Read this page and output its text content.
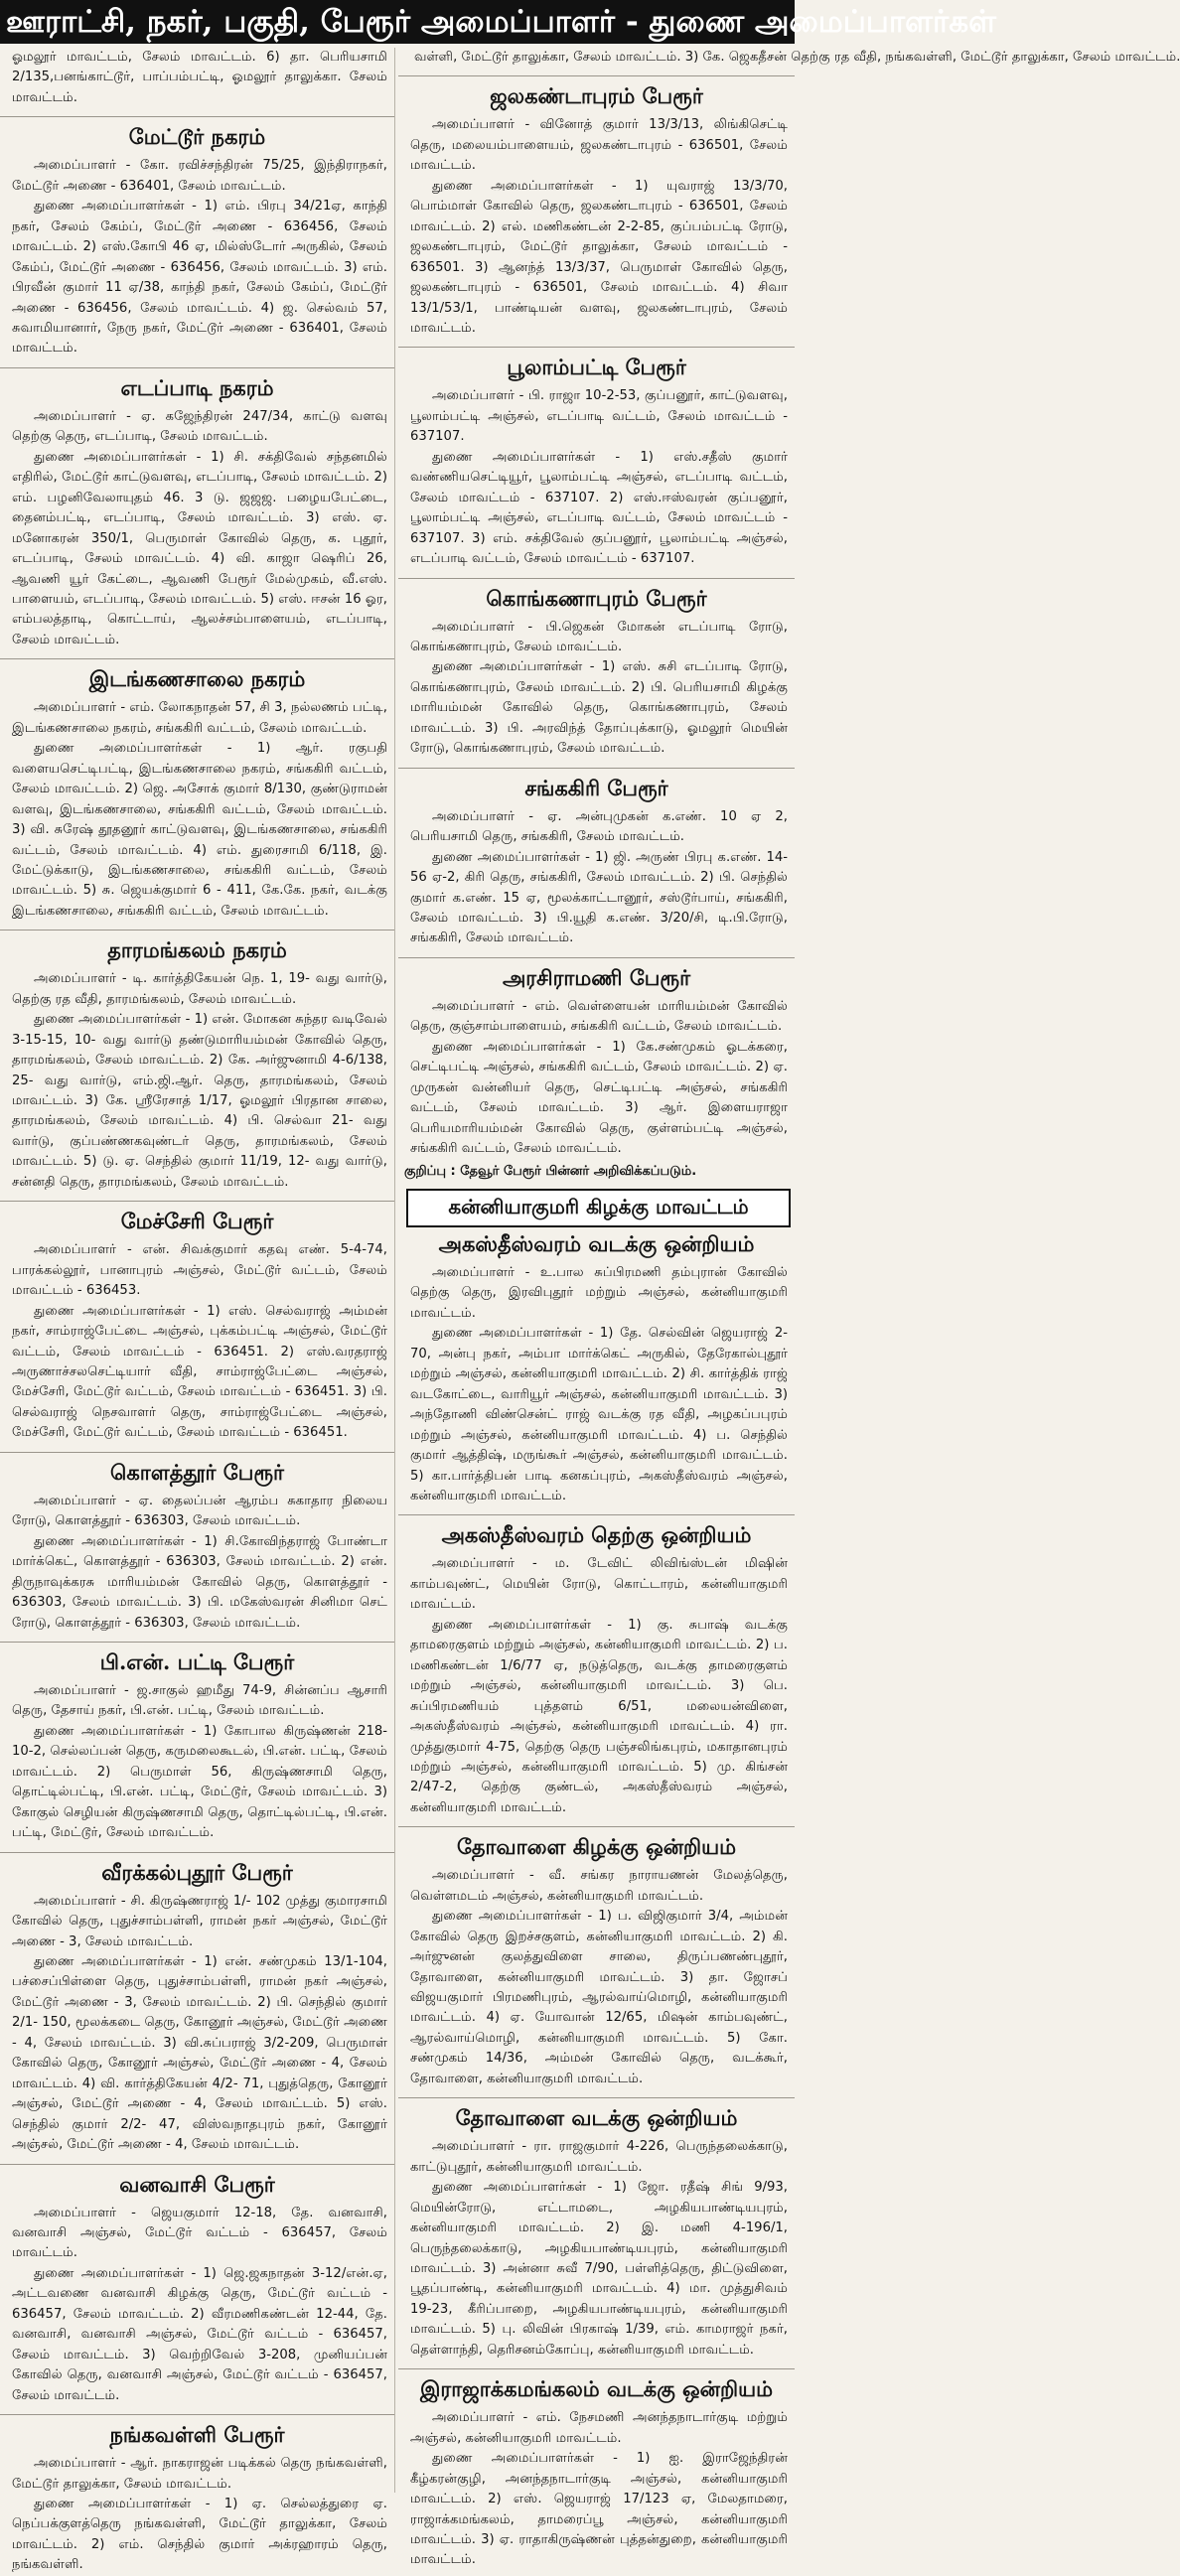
ஊராட்சி, நகர், பகுதி, பேரூர் அமைப்பாளர் - துணை அமைப்பாளர்கள்

ஓமலூர் மாவட்டம், சேலம் மாவட்டம். 6) தா. பெரியசாமி 2/135,பனங்காட்டூர், பாப்பம்பட்டி, ஓமலூர் தாலுக்கா. சேலம் மாவட்டம்.

மேட்டூர் நகரம்

அமைப்பாளர் - கோ. ரவிச்சந்திரன் 75/25, இந்திராநகர், மேட்டூர் அணை - 636401, சேலம் மாவட்டம்.

துணை அமைப்பாளர்கள் - 1) எம். பிரபு 34/21ஏ, காந்தி நகர், சேலம் கேம்ப், மேட்டூர் அணை - 636456, சேலம் மாவட்டம். 2) எஸ்.கோபி 46 ஏ, மில்ஸ்டோர் அருகில், சேலம் கேம்ப், மேட்டூர் அணை - 636456, சேலம் மாவட்டம். 3) எம். பிரவீன் குமார் 11 ஏ/38, காந்தி நகர், சேலம் கேம்ப், மேட்டூர் அணை - 636456, சேலம் மாவட்டம். 4) ஜ. செல்வம் 57, சுவாமியானார், நேரு நகர், மேட்டூர் அணை - 636401, சேலம் மாவட்டம்.

எடப்பாடி நகரம்

அமைப்பாளர் - ஏ. கஜேந்திரன் 247/34, காட்டு வளவு தெற்கு தெரு, எடப்பாடி, சேலம் மாவட்டம்.

துணை அமைப்பாளர்கள் - 1) சி. சக்திவேல் சந்தனமில் எதிரில், மேட்டூர் காட்டுவளவு, எடப்பாடி, சேலம் மாவட்டம். 2) எம். பழனிவேலாயுதம் 46. 3 டு. ஜஜஜ. பழையபேட்டை, தைனம்பட்டி, எடப்பாடி, சேலம் மாவட்டம். 3) எஸ். ஏ. மனோகரன் 350/1, பெருமாள் கோவில் தெரு, க. புதூர், எடப்பாடி, சேலம் மாவட்டம். 4) வி. காஜா ஷெரிப் 26, ஆவணி யூர் கேட்டை, ஆவணி பேரூர் மேல்முகம், வீ.எஸ். பாளையம், எடப்பாடி, சேலம் மாவட்டம். 5) எஸ். ஈசன் 16 ஓர, எம்பலத்தாடி, கொட்டாய், ஆலச்சம்பாளையம், எடப்பாடி, சேலம் மாவட்டம்.

இடங்கணசாலை நகரம்

அமைப்பாளர் - எம். லோகநாதன் 57, சி 3, நல்லணம் பட்டி, இடங்கணசாலை நகரம், சங்ககிரி வட்டம், சேலம் மாவட்டம்.

துணை அமைப்பாளர்கள் - 1) ஆர். ரகுபதி வளையசெட்டிபட்டி, இடங்கணசாலை நகரம், சங்ககிரி வட்டம், சேலம் மாவட்டம். 2) ஜெ. அசோக் குமார் 8/130, குண்டுராமன் வளவு, இடங்கணசாலை, சங்ககிரி வட்டம், சேலம் மாவட்டம். 3) வி. சுரேஷ் தூதனூர் காட்டுவளவு, இடங்கணசாலை, சங்ககிரி வட்டம், சேலம் மாவட்டம். 4) எம். துரைசாமி 6/118, இ. மேட்டுக்காடு, இடங்கணசாலை, சங்ககிரி வட்டம், சேலம் மாவட்டம். 5) சு. ஜெயக்குமார் 6 - 411, கே.கே. நகர், வடக்கு இடங்கணசாலை, சங்ககிரி வட்டம், சேலம் மாவட்டம்.

தாரமங்கலம் நகரம்

அமைப்பாளர் - டி. கார்த்திகேயன் நெ. 1, 19- வது வார்டு, தெற்கு ரத வீதி, தாரமங்கலம், சேலம் மாவட்டம்.

துணை அமைப்பாளர்கள் - 1) என். மோகன சுந்தர வடிவேல் 3-15-15, 10- வது வார்டு தண்டுமாரியம்மன் கோவில் தெரு, தாரமங்கலம், சேலம் மாவட்டம். 2) கே. அர்ஜுனாமி 4-6/138, 25- வது வார்டு, எம்.ஜி.ஆர். தெரு, தாரமங்கலம், சேலம் மாவட்டம். 3) கே. ஸ்ரீரேசாத் 1/17, ஓமலூர் பிரதான சாலை, தாரமங்கலம், சேலம் மாவட்டம். 4) பி. செல்வா 21- வது வார்டு, குப்பண்ணகவுண்டர் தெரு, தாரமங்கலம், சேலம் மாவட்டம். 5) டு. ஏ. செந்தில் குமார் 11/19, 12- வது வார்டு, சன்னதி தெரு, தாரமங்கலம், சேலம் மாவட்டம்.

மேச்சேரி பேரூர்

அமைப்பாளர் - என். சிவக்குமார் கதவு எண். 5-4-74, பாரக்கல்லூர், பானாபுரம் அஞ்சல், மேட்டூர் வட்டம், சேலம் மாவட்டம் - 636453.

துணை அமைப்பாளர்கள் - 1) எஸ். செல்வராஜ் அம்மன் நகர், சாம்ராஜ்பேட்டை அஞ்சல், புக்கம்பட்டி அஞ்சல், மேட்டூர் வட்டம், சேலம் மாவட்டம் - 636451. 2) எஸ்.வரதராஜ் அருணாச்சலசெட்டியார் வீதி, சாம்ராஜ்பேட்டை அஞ்சல், மேச்சேரி, மேட்டூர் வட்டம், சேலம் மாவட்டம் - 636451. 3) பி. செல்வராஜ் நெசவாளர் தெரு, சாம்ராஜ்பேட்டை அஞ்சல், மேச்சேரி, மேட்டூர் வட்டம், சேலம் மாவட்டம் - 636451.

கொளத்தூர் பேரூர்

அமைப்பாளர் - ஏ. தைலப்பன் ஆரம்ப சுகாதார நிலைய ரோடு, கொளத்தூர் - 636303, சேலம் மாவட்டம்.

துணை அமைப்பாளர்கள் - 1) சி.கோவிந்தராஜ் போண்டா மார்க்கெட், கொளத்தூர் - 636303, சேலம் மாவட்டம். 2) என். திருநாவுக்கரசு மாரியம்மன் கோவில் தெரு, கொளத்தூர் - 636303, சேலம் மாவட்டம். 3) பி. மகேஸ்வரன் சினிமா செட் ரோடு, கொளத்தூர் - 636303, சேலம் மாவட்டம்.

பி.என். பட்டி பேரூர்

அமைப்பாளர் - ஜ.சாகுல் ஹமீது 74-9, சின்னப்ப ஆசாரி தெரு, தேசாய் நகர், பி.என். பட்டி, சேலம் மாவட்டம்.

துணை அமைப்பாளர்கள் - 1) கோபால கிருஷ்ணன் 218-10-2, செல்லப்பன் தெரு, கருமலைகூடல், பி.என். பட்டி, சேலம் மாவட்டம். 2) பெருமாள் 56, கிருஷ்ணசாமி தெரு, தொட்டில்பட்டி, பி.என். பட்டி, மேட்டூர், சேலம் மாவட்டம். 3) கோகுல் செழியன் கிருஷ்ணசாமி தெரு, தொட்டில்பட்டி, பி.என். பட்டி, மேட்டூர், சேலம் மாவட்டம்.

வீரக்கல்புதூர் பேரூர்

அமைப்பாளர் - சி. கிருஷ்ணராஜ் 1/- 102 முத்து குமாரசாமி கோவில் தெரு, புதுச்சாம்பள்ளி, ராமன் நகர் அஞ்சல், மேட்டூர் அணை - 3, சேலம் மாவட்டம்.

துணை அமைப்பாளர்கள் - 1) என். சண்முகம் 13/1-104, பச்சைப்பிள்ளை தெரு, புதுச்சாம்பள்ளி, ராமன் நகர் அஞ்சல், மேட்டூர் அணை - 3, சேலம் மாவட்டம். 2) பி. செந்தில் குமார் 2/1- 150, மூலக்கடை தெரு, கோனூர் அஞ்சல், மேட்டூர் அணை - 4, சேலம் மாவட்டம். 3) வி.சுப்பராஜ் 3/2-209, பெருமாள் கோவில் தெரு, கோனூர் அஞ்சல், மேட்டூர் அணை - 4, சேலம் மாவட்டம். 4) வி. கார்த்திகேயன் 4/2- 71, புதுத்தெரு, கோனூர் அஞ்சல், மேட்டூர் அணை - 4, சேலம் மாவட்டம். 5) எஸ். செந்தில் குமார் 2/2- 47, விஸ்வநாதபுரம் நகர், கோனூர் அஞ்சல், மேட்டூர் அணை - 4, சேலம் மாவட்டம்.

வனவாசி பேரூர்

அமைப்பாளர் - ஜெயகுமார் 12-18, தே. வனவாசி, வனவாசி அஞ்சல், மேட்டூர் வட்டம் - 636457, சேலம் மாவட்டம்.

துணை அமைப்பாளர்கள் - 1) ஜெ.ஜகநாதன் 3-12/என்.ஏ, அட்டவணை வனவாசி கிழக்கு தெரு, மேட்டூர் வட்டம் - 636457, சேலம் மாவட்டம். 2) வீரமணிகண்டன் 12-44, தே. வனவாசி, வனவாசி அஞ்சல், மேட்டூர் வட்டம் - 636457, சேலம் மாவட்டம். 3) வெற்றிவேல் 3-208, முனியப்பன் கோவில் தெரு, வனவாசி அஞ்சல், மேட்டூர் வட்டம் - 636457, சேலம் மாவட்டம்.

நங்கவள்ளி பேரூர்

அமைப்பாளர் - ஆர். நாகராஜன் படிக்கல் தெரு நங்கவள்ளி, மேட்டூர் தாலுக்கா, சேலம் மாவட்டம்.

துணை அமைப்பாளர்கள் - 1) ஏ. செல்லத்துரை ஏ. நெப்பக்குளத்தெரு நங்கவள்ளி, மேட்டூர் தாலுக்கா, சேலம் மாவட்டம். 2) எம். செந்தில் குமார் அக்ரஹாரம் தெரு, நங்கவள்ளி.

வள்ளி, மேட்டூர் தாலுக்கா, சேலம் மாவட்டம். 3) கே. ஜெகதீசன் தெற்கு ரத வீதி, நங்கவள்ளி, மேட்டூர் தாலுக்கா, சேலம் மாவட்டம்.

ஜலகண்டாபுரம் பேரூர்

அமைப்பாளர் - வினோத் குமார் 13/3/13, லிங்கிசெட்டி தெரு, மலையம்பாளையம், ஜலகண்டாபுரம் - 636501, சேலம் மாவட்டம்.

துணை அமைப்பாளர்கள் - 1) யுவராஜ் 13/3/70, பொம்மாள் கோவில் தெரு, ஜலகண்டாபுரம் - 636501, சேலம் மாவட்டம். 2) எல். மணிகண்டன் 2-2-85, குப்பம்பட்டி ரோடு, ஜலகண்டாபுரம், மேட்டூர் தாலுக்கா, சேலம் மாவட்டம் - 636501. 3) ஆனந்த் 13/3/37, பெருமாள் கோவில் தெரு, ஜலகண்டாபுரம் - 636501, சேலம் மாவட்டம். 4) சிவா 13/1/53/1, பாண்டியன் வளவு, ஜலகண்டாபுரம், சேலம் மாவட்டம்.

பூலாம்பட்டி பேரூர்

அமைப்பாளர் - பி. ராஜா 10-2-53, குப்பனூர், காட்டுவளவு, பூலாம்பட்டி அஞ்சல், எடப்பாடி வட்டம், சேலம் மாவட்டம் - 637107.

துணை அமைப்பாளர்கள் - 1) எஸ்.சதீஸ் குமார் வண்ணியசெட்டியூர், பூலாம்பட்டி அஞ்சல், எடப்பாடி வட்டம், சேலம் மாவட்டம் - 637107. 2) எஸ்.ஈஸ்வரன் குப்பனூர், பூலாம்பட்டி அஞ்சல், எடப்பாடி வட்டம், சேலம் மாவட்டம் - 637107. 3) எம். சக்திவேல் குப்பனூர், பூலாம்பட்டி அஞ்சல், எடப்பாடி வட்டம், சேலம் மாவட்டம் - 637107.

கொங்கணாபுரம் பேரூர்

அமைப்பாளர் - பி.ஜெகன் மோகன் எடப்பாடி ரோடு, கொங்கணாபுரம், சேலம் மாவட்டம்.

துணை அமைப்பாளர்கள் - 1) எஸ். சுசி எடப்பாடி ரோடு, கொங்கணாபுரம், சேலம் மாவட்டம். 2) பி. பெரியசாமி கிழக்கு மாரியம்மன் கோவில் தெரு, கொங்கணாபுரம், சேலம் மாவட்டம். 3) பி. அரவிந்த் தோப்புக்காடு, ஓமலூர் மெயின் ரோடு, கொங்கணாபுரம், சேலம் மாவட்டம்.

சங்ககிரி பேரூர்

அமைப்பாளர் - ஏ. அன்புமுகன் க.எண். 10 ஏ 2, பெரியசாமி தெரு, சங்ககிரி, சேலம் மாவட்டம்.

துணை அமைப்பாளர்கள் - 1) ஜி. அருண் பிரபு க.எண். 14-56 ஏ-2, கிரி தெரு, சங்ககிரி, சேலம் மாவட்டம். 2) பி. செந்தில் குமார் க.எண். 15 ஏ, மூலக்காட்டானூர், சஸ்டூர்பாய், சங்ககிரி, சேலம் மாவட்டம். 3) பி.யூதி க.எண். 3/20/சி, டி.பி.ரோடு, சங்ககிரி, சேலம் மாவட்டம்.

அரசிராமணி பேரூர்

அமைப்பாளர் - எம். வெள்ளையன் மாரியம்மன் கோவில் தெரு, குஞ்சாம்பாளையம், சங்ககிரி வட்டம், சேலம் மாவட்டம்.

துணை அமைப்பாளர்கள் - 1) கே.சண்முகம் ஓடக்கரை, செட்டிபட்டி அஞ்சல், சங்ககிரி வட்டம், சேலம் மாவட்டம். 2) ஏ. முருகன் வன்னியர் தெரு, செட்டிபட்டி அஞ்சல், சங்ககிரி வட்டம், சேலம் மாவட்டம். 3) ஆர். இளையராஜா பெரியமாரியம்மன் கோவில் தெரு, குள்ளம்பட்டி அஞ்சல், சங்ககிரி வட்டம், சேலம் மாவட்டம்.

குறிப்பு : தேவூர் பேரூர் பின்னர் அறிவிக்கப்படும்.
கன்னியாகுமரி கிழக்கு மாவட்டம்
அகஸ்தீஸ்வரம் வடக்கு ஒன்றியம்

அமைப்பாளர் - உ.பால சுப்பிரமணி தம்புரான் கோவில் தெற்கு தெரு, இரவிபுதூர் மற்றும் அஞ்சல், கன்னியாகுமரி மாவட்டம்.

துணை அமைப்பாளர்கள் - 1) தே. செல்வின் ஜெயராஜ் 2-70, அன்பு நகர், அம்பா மார்க்கெட் அருகில், தேரேகால்புதூர் மற்றும் அஞ்சல், கன்னியாகுமரி மாவட்டம். 2) சி. கார்த்திக் ராஜ் வடகோட்டை, வாரியூர் அஞ்சல், கன்னியாகுமரி மாவட்டம். 3) அந்தோணி விண்சென்ட் ராஜ் வடக்கு ரத வீதி, அழகப்பபுரம் மற்றும் அஞ்சல், கன்னியாகுமரி மாவட்டம். 4) ப. செந்தில் குமார் ஆத்திஷ், மருங்கூர் அஞ்சல், கன்னியாகுமரி மாவட்டம். 5) கா.பார்த்திபன் பாடி கனகப்புரம், அகஸ்தீஸ்வரம் அஞ்சல், கன்னியாகுமரி மாவட்டம்.

அகஸ்தீஸ்வரம் தெற்கு ஒன்றியம்

அமைப்பாளர் - ம. டேவிட் லிவிங்ஸ்டன் மிஷின் காம்பவுண்ட், மெயின் ரோடு, கொட்டாரம், கன்னியாகுமரி மாவட்டம்.

துணை அமைப்பாளர்கள் - 1) கு. சுபாஷ் வடக்கு தாமரைகுளம் மற்றும் அஞ்சல், கன்னியாகுமரி மாவட்டம். 2) ப. மணிகண்டன் 1/6/77 ஏ, நடுத்தெரு, வடக்கு தாமரைகுளம் மற்றும் அஞ்சல், கன்னியாகுமரி மாவட்டம். 3) பெ. சுப்பிரமணியம் புத்தளம் 6/51, மலையன்விளை, அகஸ்தீஸ்வரம் அஞ்சல், கன்னியாகுமரி மாவட்டம். 4) ரா. முத்துகுமார் 4-75, தெற்கு தெரு பஞ்சலிங்கபுரம், மகாதானபுரம் மற்றும் அஞ்சல், கன்னியாகுமரி மாவட்டம். 5) மு. கிங்சன் 2/47-2, தெற்கு குண்டல், அகஸ்தீஸ்வரம் அஞ்சல், கன்னியாகுமரி மாவட்டம்.

தோவாளை கிழக்கு ஒன்றியம்

அமைப்பாளர் - வீ. சங்கர நாராயணன் மேலத்தெரு, வெள்ளமடம் அஞ்சல், கன்னியாகுமரி மாவட்டம்.

துணை அமைப்பாளர்கள் - 1) ப. விஜிகுமார் 3/4, அம்மன் கோவில் தெரு இறச்சகுளம், கன்னியாகுமரி மாவட்டம். 2) கி. அர்ஜுனன் குலத்துவிளை சாலை, திருப்பணண்புதூர், தோவாளை, கன்னியாகுமரி மாவட்டம். 3) தா. ஜோசப் விஜயகுமார் பிரமணிபுரம், ஆரல்வாய்மொழி, கன்னியாகுமரி மாவட்டம். 4) ஏ. யோவான் 12/65, மிஷன் காம்பவுண்ட், ஆரல்வாய்மொழி, கன்னியாகுமரி மாவட்டம். 5) கோ. சண்முகம் 14/36, அம்மன் கோவில் தெரு, வடக்கூர், தோவாளை, கன்னியாகுமரி மாவட்டம்.

தோவாளை வடக்கு ஒன்றியம்

அமைப்பாளர் - ரா. ராஜகுமார் 4-226, பெருந்தலைக்காடு, காட்டுபுதூர், கன்னியாகுமரி மாவட்டம்.

துணை அமைப்பாளர்கள் - 1) ஜோ. ரதீஷ் சிங் 9/93, மெயின்ரோடு, எட்டாமடை, அழகியபாண்டியபுரம், கன்னியாகுமரி மாவட்டம். 2) இ. மணி 4-196/1, பெருந்தலைக்காடு, அழகியபாண்டியபுரம், கன்னியாகுமரி மாவட்டம். 3) அன்னா சுவீ 7/90, பள்ளித்தெரு, திட்டுவிளை, பூதப்பாண்டி, கன்னியாகுமரி மாவட்டம். 4) மா. முத்துசிவம் 19-23, கீரிப்பாறை, அழகியபாண்டியபுரம், கன்னியாகுமரி மாவட்டம். 5) பு. லிவின் பிரகாஷ் 1/39, எம். காமராஜர் நகர், தெள்ளாந்தி, தெரிசனம்கோப்பு, கன்னியாகுமரி மாவட்டம்.

இராஜாக்கமங்கலம் வடக்கு ஒன்றியம்

அமைப்பாளர் - எம். நேசமணி அனந்தநாடார்குடி மற்றும் அஞ்சல், கன்னியாகுமரி மாவட்டம்.

துணை அமைப்பாளர்கள் - 1) ஐ. இராஜேந்திரன் கீழ்கரன்குழி, அனந்தநாடார்குடி அஞ்சல், கன்னியாகுமரி மாவட்டம். 2) எஸ். ஜெயராஜ் 17/123 ஏ, மேலதாமரை, ராஜாக்கமங்கலம், தாமரைப்பூ அஞ்சல், கன்னியாகுமரி மாவட்டம். 3) ஏ. ராதாகிருஷ்ணன் புத்தன்துறை, கன்னியாகுமரி மாவட்டம்.
